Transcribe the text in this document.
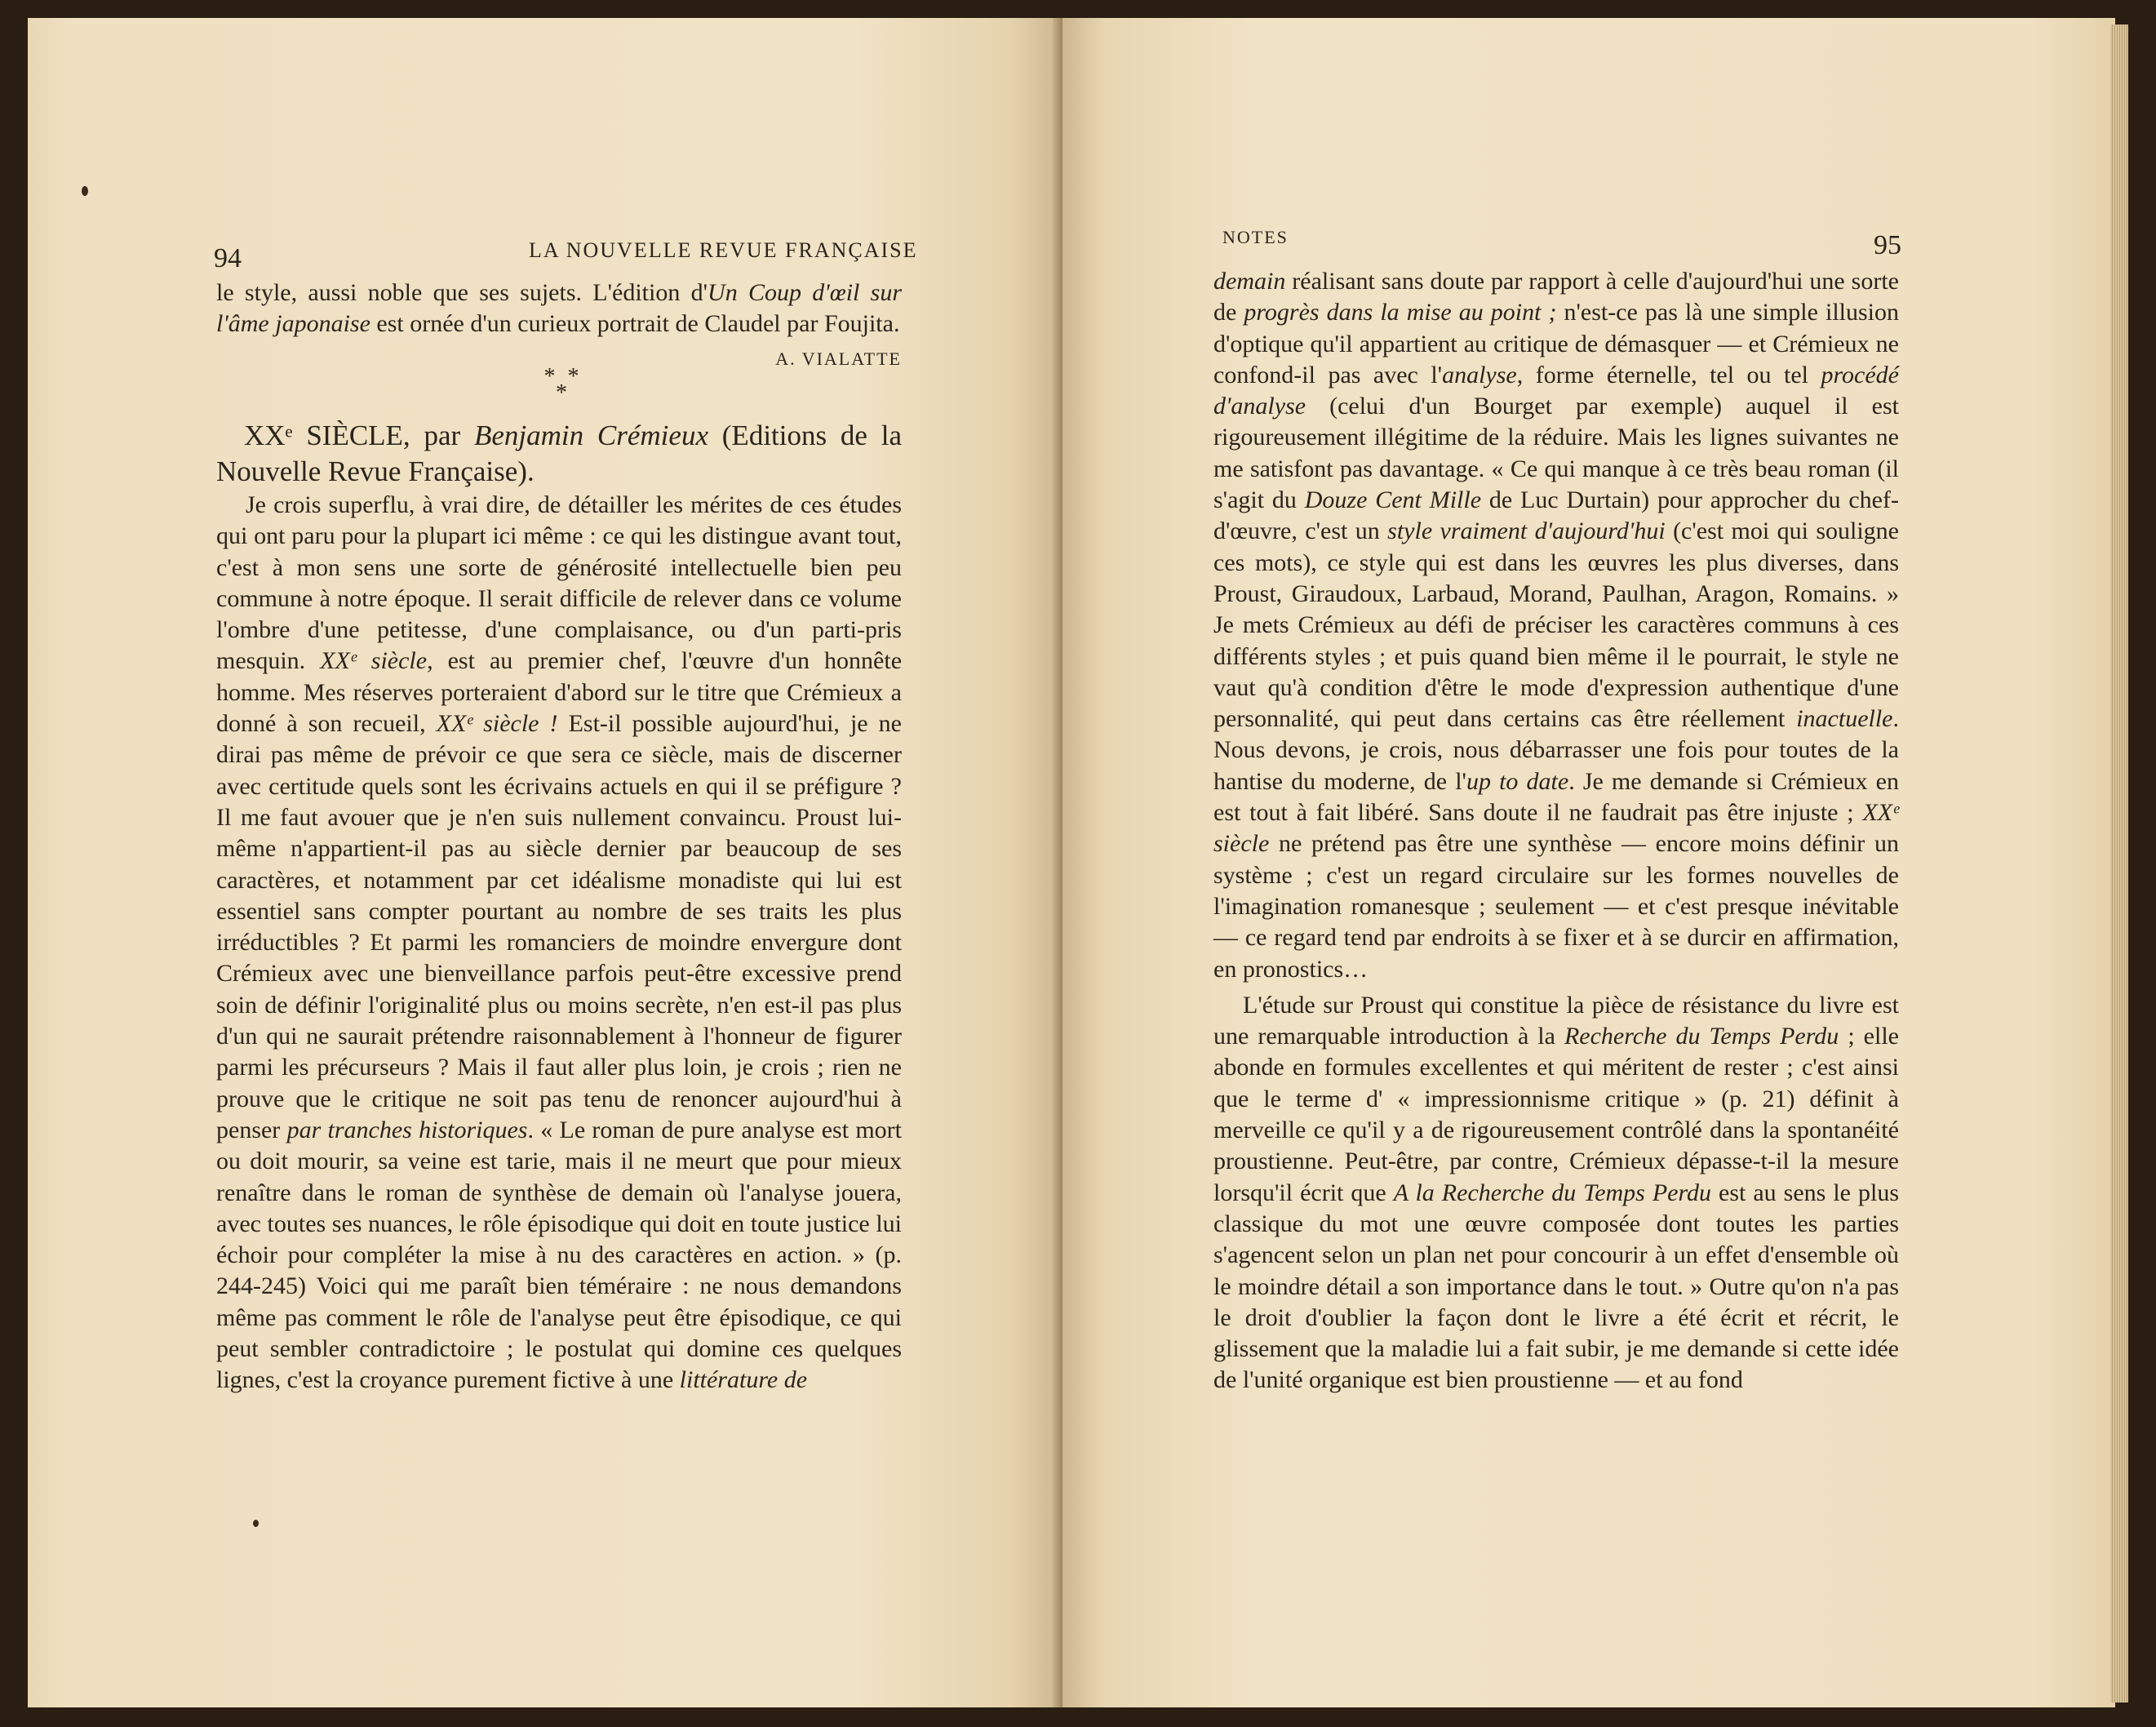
94	LA NOUVELLE REVUE FRANÇAISE

le style, aussi noble que ses sujets. L'édition d'Un Coup d'œil sur l'âme japonaise est ornée d'un curieux portrait de Claudel par Foujita.
A. VIALATTE

* * *

XXᵉ SIÈCLE, par Benjamin Crémieux (Editions de la Nouvelle Revue Française).

Je crois superflu, à vrai dire, de détailler les mérites de ces études qui ont paru pour la plupart ici même : ce qui les distingue avant tout, c'est à mon sens une sorte de générosité intellectuelle bien peu commune à notre époque. Il serait difficile de relever dans ce volume l'ombre d'une petitesse, d'une complaisance, ou d'un parti-pris mesquin. XXᵉ siècle, est au premier chef, l'œuvre d'un honnête homme. Mes réserves porteraient d'abord sur le titre que Crémieux a donné à son recueil, XXᵉ siècle ! Est-il possible aujourd'hui, je ne dirai pas même de prévoir ce que sera ce siècle, mais de discerner avec certitude quels sont les écrivains actuels en qui il se préfigure ? Il me faut avouer que je n'en suis nullement convaincu. Proust lui-même n'appartient-il pas au siècle dernier par beaucoup de ses caractères, et notamment par cet idéalisme monadiste qui lui est essentiel sans compter pourtant au nombre de ses traits les plus irréductibles ? Et parmi les romanciers de moindre envergure dont Crémieux avec une bienveillance parfois peut-être excessive prend soin de définir l'originalité plus ou moins secrète, n'en est-il pas plus d'un qui ne saurait prétendre raisonnablement à l'honneur de figurer parmi les précurseurs ? Mais il faut aller plus loin, je crois ; rien ne prouve que le critique ne soit pas tenu de renoncer aujourd'hui à penser par tranches historiques. « Le roman de pure analyse est mort ou doit mourir, sa veine est tarie, mais il ne meurt que pour mieux renaître dans le roman de synthèse de demain où l'analyse jouera, avec toutes ses nuances, le rôle épisodique qui doit en toute justice lui échoir pour compléter la mise à nu des caractères en action. » (p. 244-245) Voici qui me paraît bien téméraire : ne nous demandons même pas comment le rôle de l'analyse peut être épisodique, ce qui peut sembler contradictoire ; le postulat qui domine ces quelques lignes, c'est la croyance purement fictive à une littérature de

NOTES	95

demain réalisant sans doute par rapport à celle d'aujourd'hui une sorte de progrès dans la mise au point ; n'est-ce pas là une simple illusion d'optique qu'il appartient au critique de démasquer — et Crémieux ne confond-il pas avec l'analyse, forme éternelle, tel ou tel procédé d'analyse (celui d'un Bourget par exemple) auquel il est rigoureusement illégitime de la réduire. Mais les lignes suivantes ne me satisfont pas davantage. « Ce qui manque à ce très beau roman (il s'agit du Douze Cent Mille de Luc Durtain) pour approcher du chef-d'œuvre, c'est un style vraiment d'aujourd'hui (c'est moi qui souligne ces mots), ce style qui est dans les œuvres les plus diverses, dans Proust, Giraudoux, Larbaud, Morand, Paulhan, Aragon, Romains. » Je mets Crémieux au défi de préciser les caractères communs à ces différents styles ; et puis quand bien même il le pourrait, le style ne vaut qu'à condition d'être le mode d'expression authentique d'une personnalité, qui peut dans certains cas être réellement inactuelle. Nous devons, je crois, nous débarrasser une fois pour toutes de la hantise du moderne, de l'up to date. Je me demande si Crémieux en est tout à fait libéré. Sans doute il ne faudrait pas être injuste ; XXᵉ siècle ne prétend pas être une synthèse — encore moins définir un système ; c'est un regard circulaire sur les formes nouvelles de l'imagination romanesque ; seulement — et c'est presque inévitable — ce regard tend par endroits à se fixer et à se durcir en affirmation, en pronostics…

L'étude sur Proust qui constitue la pièce de résistance du livre est une remarquable introduction à la Recherche du Temps Perdu ; elle abonde en formules excellentes et qui méritent de rester ; c'est ainsi que le terme d' « impressionnisme critique » (p. 21) définit à merveille ce qu'il y a de rigoureusement contrôlé dans la spontanéité proustienne. Peut-être, par contre, Crémieux dépasse-t-il la mesure lorsqu'il écrit que A la Recherche du Temps Perdu est au sens le plus classique du mot une œuvre composée dont toutes les parties s'agencent selon un plan net pour concourir à un effet d'ensemble où le moindre détail a son importance dans le tout. » Outre qu'on n'a pas le droit d'oublier la façon dont le livre a été écrit et récrit, le glissement que la maladie lui a fait subir, je me demande si cette idée de l'unité organique est bien proustienne — et au fond
